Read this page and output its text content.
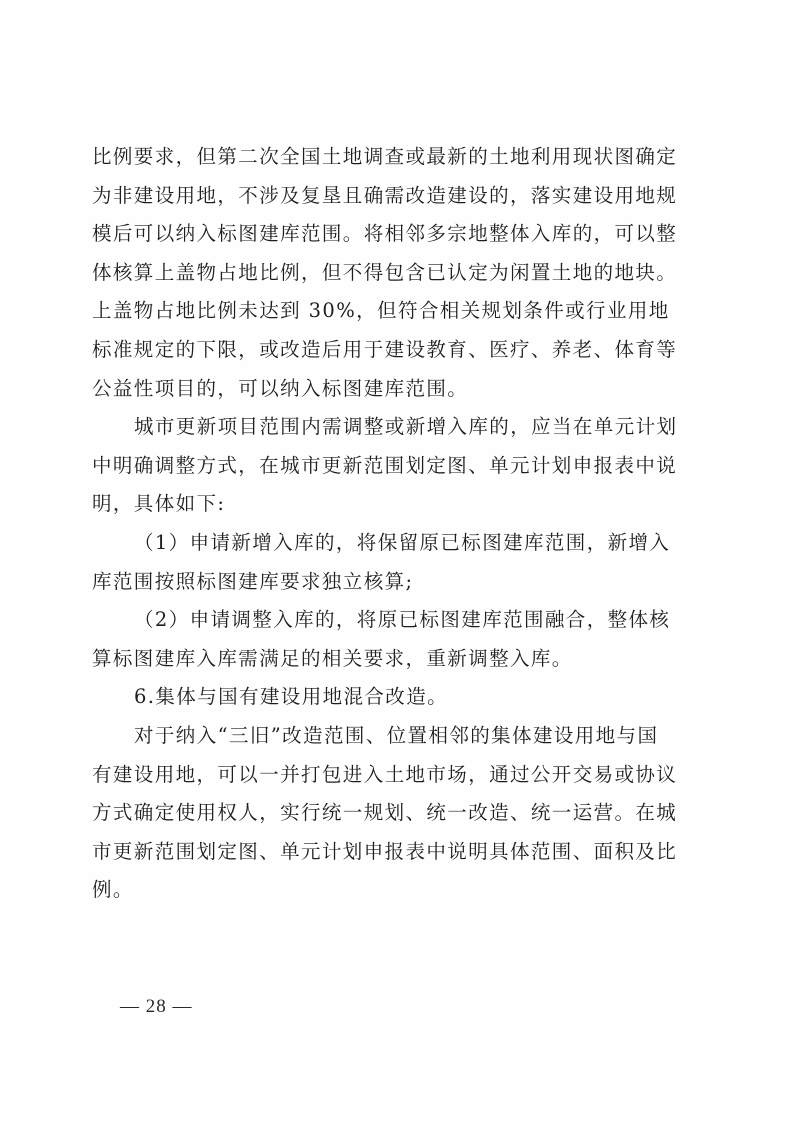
比例要求，但第二次全国土地调查或最新的土地利用现状图确定
为非建设用地，不涉及复垦且确需改造建设的，落实建设用地规
模后可以纳入标图建库范围。将相邻多宗地整体入库的，可以整
体核算上盖物占地比例，但不得包含已认定为闲置土地的地块。
上盖物占地比例未达到 30%，但符合相关规划条件或行业用地
标准规定的下限，或改造后用于建设教育、医疗、养老、体育等
公益性项目的，可以纳入标图建库范围。
城市更新项目范围内需调整或新增入库的，应当在单元计划
中明确调整方式，在城市更新范围划定图、单元计划申报表中说
明，具体如下:
（1）申请新增入库的，将保留原已标图建库范围，新增入
库范围按照标图建库要求独立核算;
（2）申请调整入库的，将原已标图建库范围融合，整体核
算标图建库入库需满足的相关要求，重新调整入库。
6.集体与国有建设用地混合改造。
对于纳入“三旧”改造范围、位置相邻的集体建设用地与国
有建设用地，可以一并打包进入土地市场，通过公开交易或协议
方式确定使用权人，实行统一规划、统一改造、统一运营。在城
市更新范围划定图、单元计划申报表中说明具体范围、面积及比
例。
— 28 —
